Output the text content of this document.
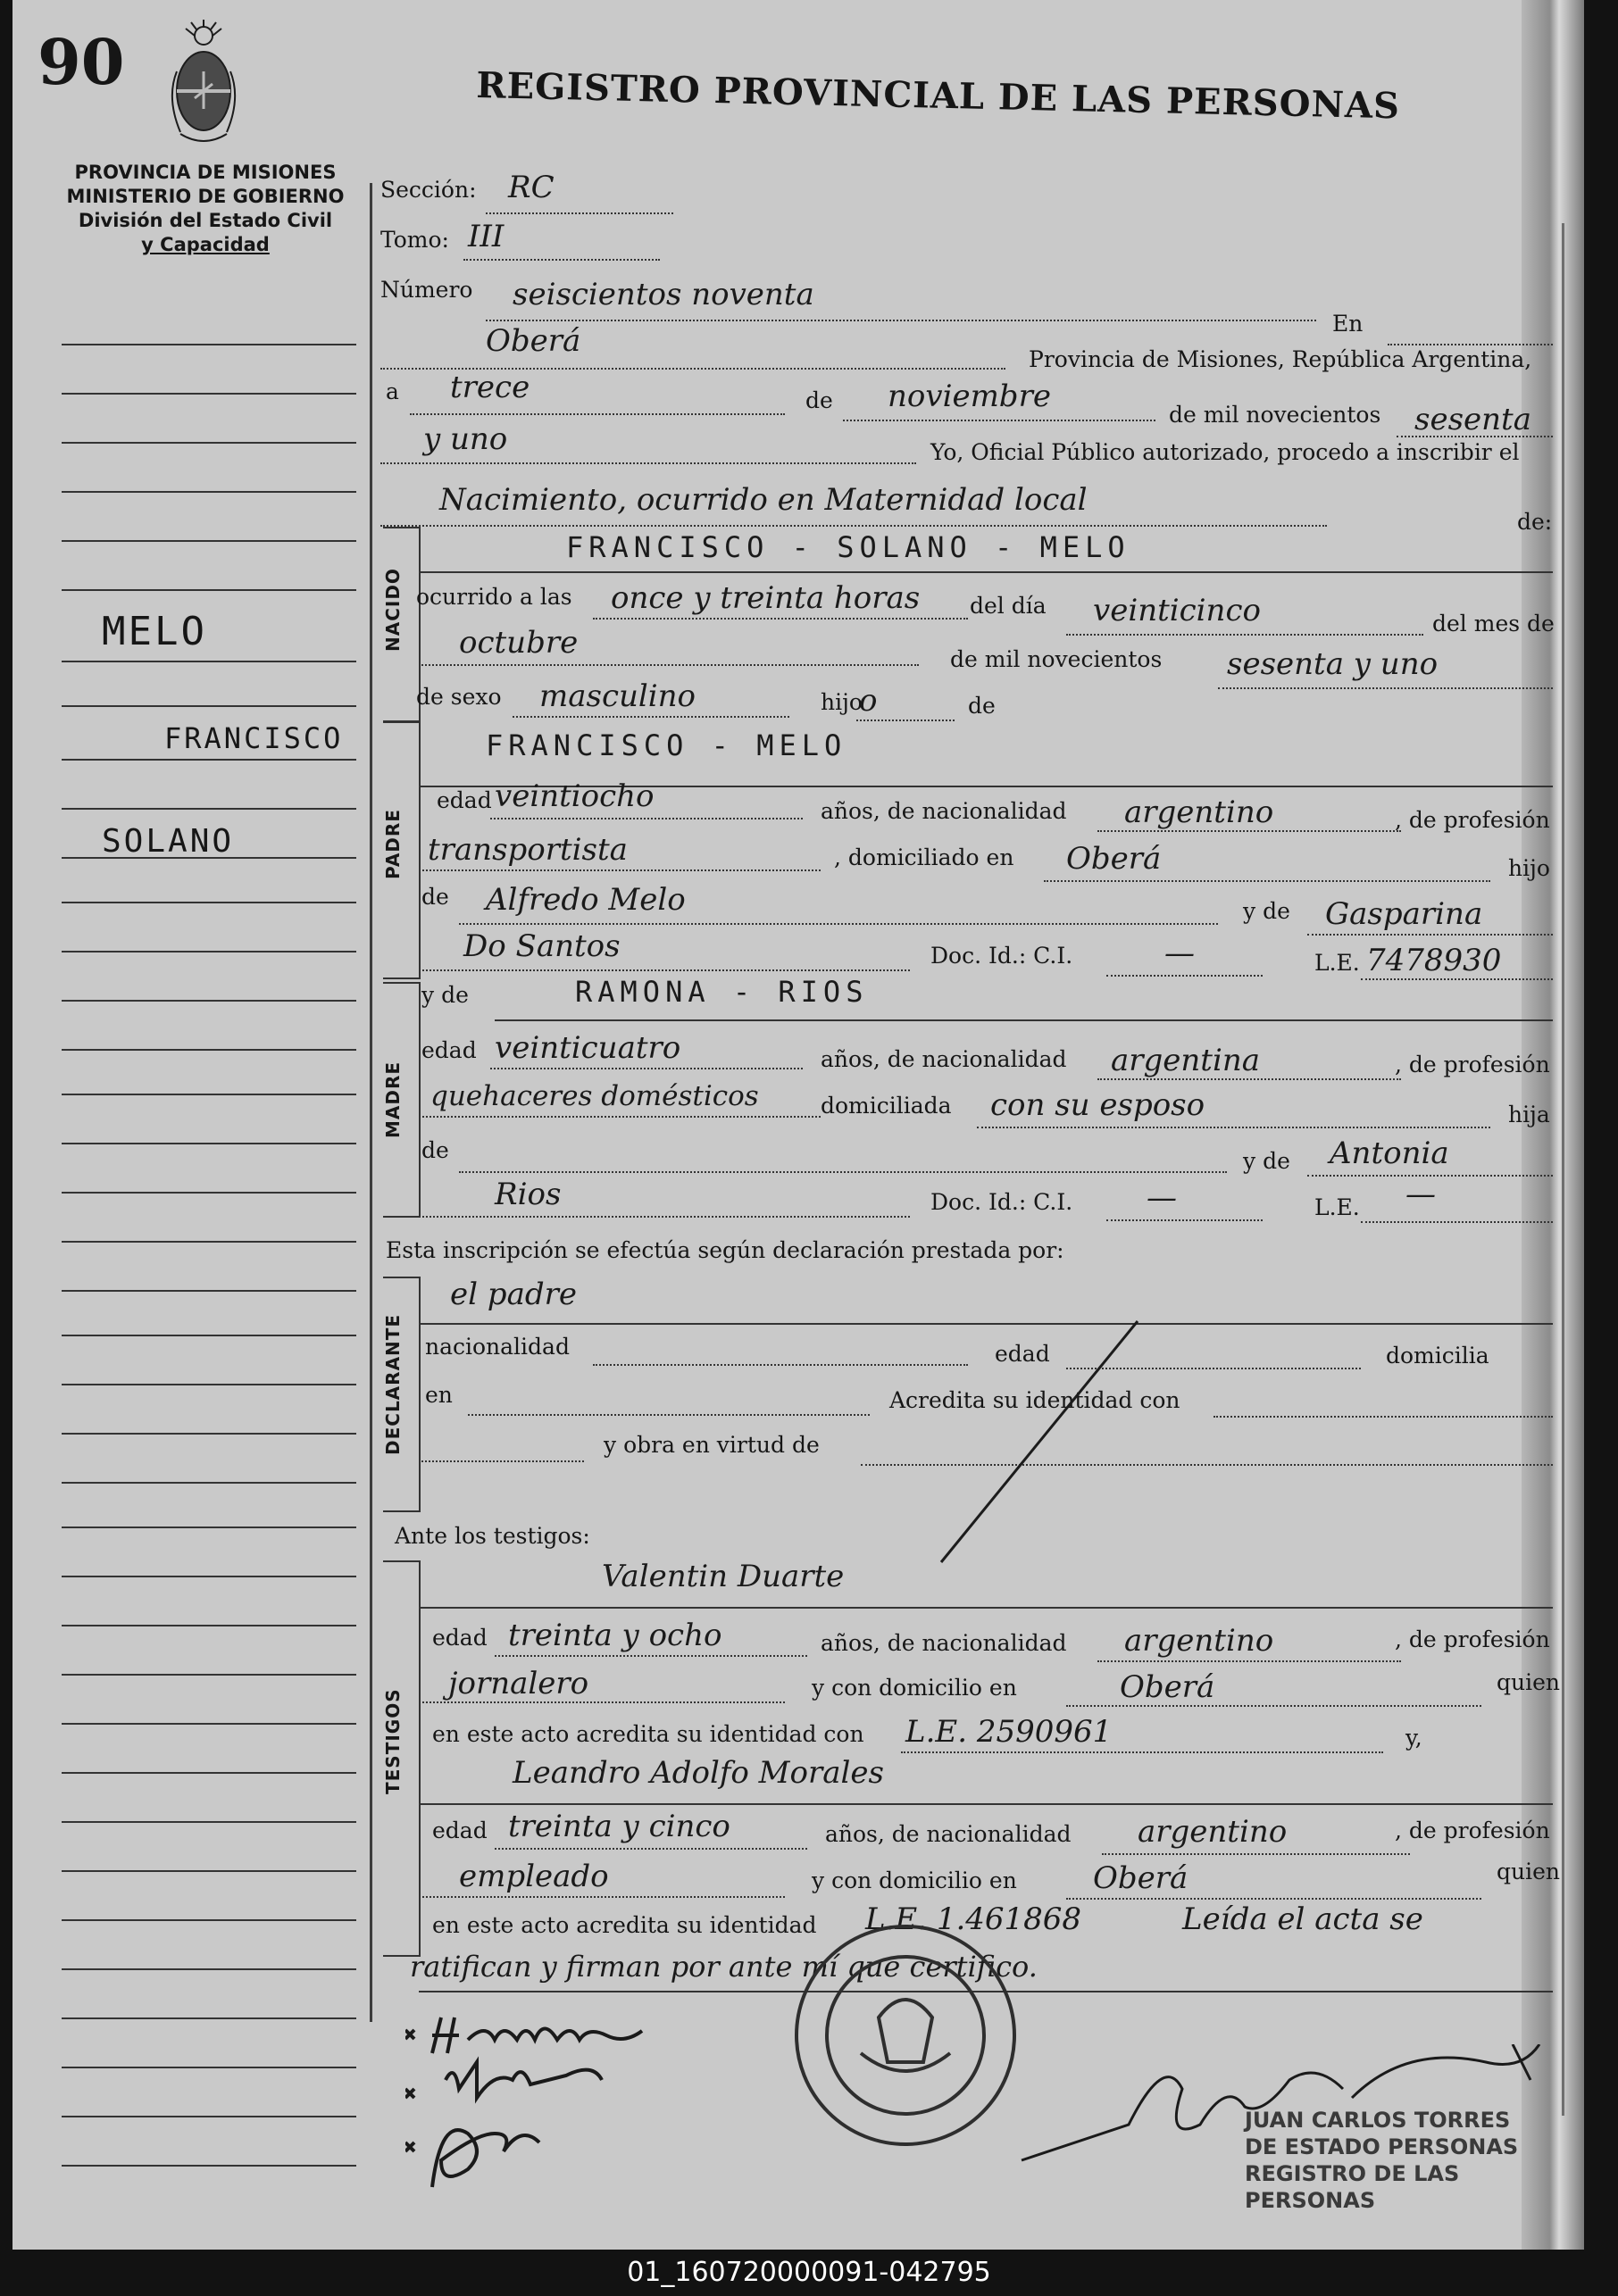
90	REGISTRO PROVINCIAL DE LAS PERSONAS
PROVINCIA DE MISIONES
MINISTERIO DE GOBIERNO
División del Estado Civil
y Capacidad
MELO
FRANCISCO
SOLANO
Sección: RC
Tomo: III
Número seiscientos noventa
En
Oberá
Provincia de Misiones, República Argentina,
a trece	de noviembre
de mil novecientos sesenta
y uno	Yo, Oficial Público autorizado, procedo a inscribir el
Nacimiento, ocurrido en Maternidad local
de:
NACIDO
FRANCISCO - SOLANO - MELO
ocurrido a las once y treinta horas del día veinticinco	del mes de
octubre	de mil novecientos sesenta y uno
de sexo masculino	hijo
o	de
PADRE
FRANCISCO - MELO
edad veintiocho	años, de nacionalidad argentino	, de profesión
transportista	, domiciliado en Oberá	hijo
de Alfredo Melo	y de Gasparina
Do Santos	Doc. Id.: C.I.	—	L.E. 7478930
MADRE
y de	RAMONA - RIOS
edad veinticuatro	años, de nacionalidad argentina	, de profesión
quehaceres domésticos	domiciliada con su esposo	hija
de	y de Antonia
Rios	Doc. Id.: C.I. —	L.E. —
Esta inscripción se efectúa según declaración prestada por:
DECLARANTE
el padre
nacionalidad	edad	domicilia
en	Acredita su identidad con
y obra en virtud de
Ante los testigos:
TESTIGOS
Valentin Duarte
edad treinta y ocho	años, de nacionalidad argentino	, de profesión
jornalero	y con domicilio en	Oberá	quien
en este acto acredita su identidad con L.E. 2590961	y,
Leandro Adolfo Morales
edad treinta y cinco	años, de nacionalidad argentino	, de profesión
empleado	y con domicilio en	Oberá	quien
en este acto acredita su identidad L.E. 1.461868	Leída el acta se
ratifican y firman por ante mí que certifico.
JUAN CARLOS TORRES
DE ESTADO PERSONAS
REGISTRO DE LAS PERSONAS
01_160720000091-042795
